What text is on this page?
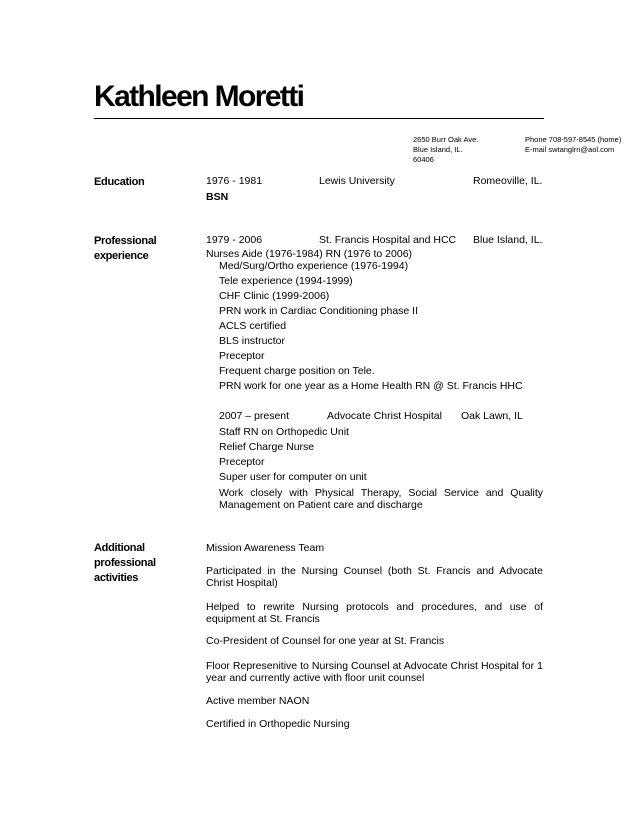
Kathleen Moretti
2650 Burr Oak Ave.
Blue Island, IL.
60406
Phone 708-597-8545 (home)
E-mail swtanglrn@aol.com
Education	1976 - 1981	Lewis University	Romeoville, IL.
BSN
Professional
experience
1979 - 2006	St. Francis Hospital and HCC Blue Island, IL.
Nurses Aide (1976-1984) RN (1976 to 2006)
Med/Surg/Ortho experience (1976-1994)
Tele experience (1994-1999)
CHF Clinic (1999-2006)
PRN work in Cardiac Conditioning phase II
ACLS certified
BLS instructor
Preceptor
Frequent charge position on Tele.
PRN work for one year as a Home Health RN @ St. Francis HHC
2007 – present	Advocate Christ Hospital Oak Lawn, IL
Staff RN on Orthopedic Unit
Relief Charge Nurse
Preceptor
Super user for computer on unit
Work closely with Physical Therapy, Social Service and Quality Management on Patient care and discharge
Additional
professional
activities
Mission Awareness Team
Participated in the Nursing Counsel (both St. Francis and Advocate Christ Hospital)
Helped to rewrite Nursing protocols and procedures, and use of equipment at St. Francis
Co-President of Counsel for one year at St. Francis
Floor Represenitive to Nursing Counsel at Advocate Christ Hospital for 1 year and currently active with floor unit counsel
Active member NAON
Certified in Orthopedic Nursing
